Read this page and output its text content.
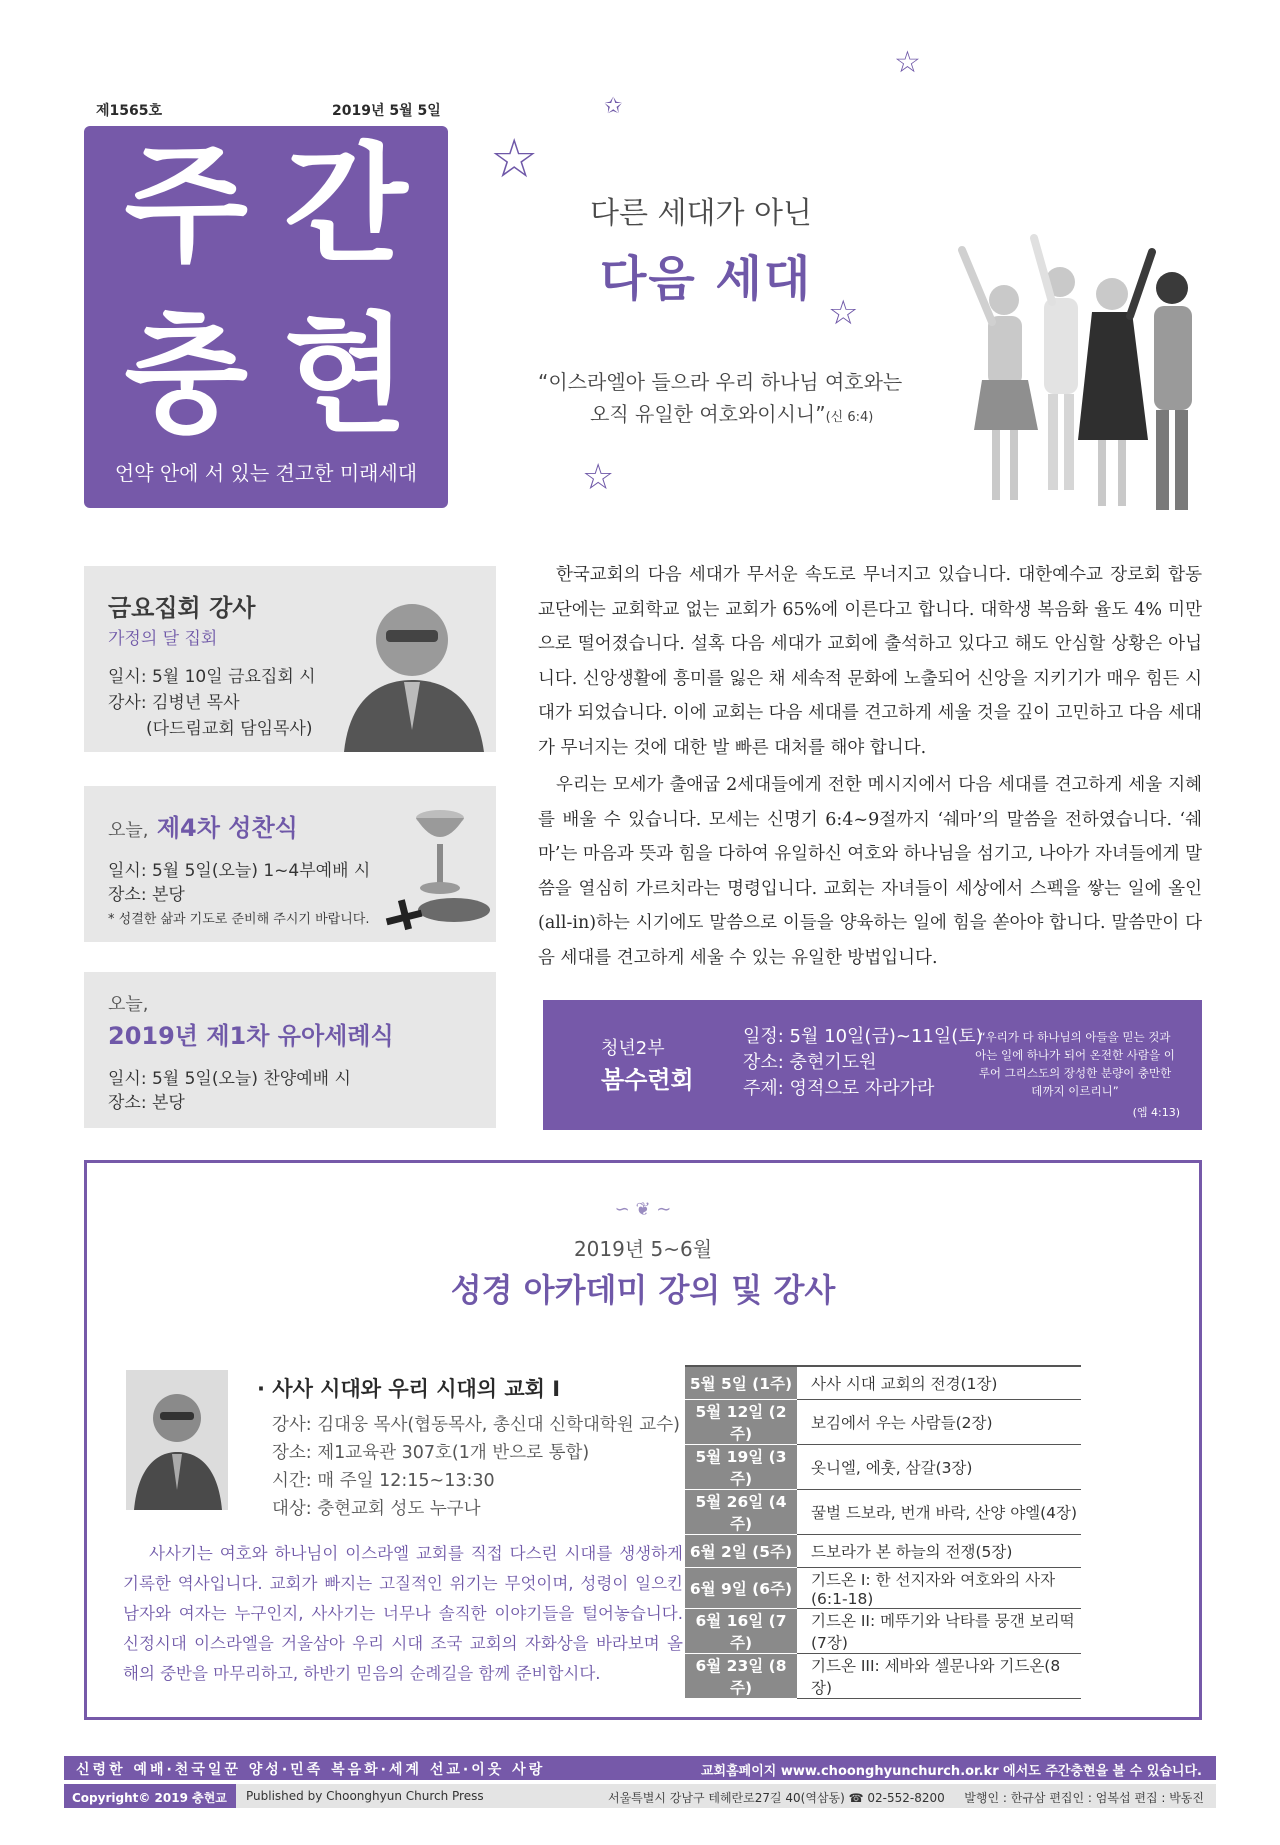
제1565호	2019년 5월 5일
주간
충현
언약 안에 서 있는 견고한 미래세대
✩
☆
☆
☆
☆
다른 세대가 아닌
다음 세대
“이스라엘아 들으라 우리 하나님 여호와는
오직 유일한 여호와이시니”(신 6:4)
금요집회 강사
가정의 달 집회
일시: 5월 10일 금요집회 시
강사: 김병년 목사
(다드림교회 담임목사)
오늘, 제4차 성찬식
일시: 5월 5일(오늘) 1~4부예배 시
장소: 본당
* 성결한 삶과 기도로 준비해 주시기 바랍니다.
오늘,
2019년 제1차 유아세례식
일시: 5월 5일(오늘) 찬양예배 시
장소: 본당
한국교회의 다음 세대가 무서운 속도로 무너지고 있습니다. 대한예수교 장로회 합동교단에는 교회학교 없는 교회가 65%에 이른다고 합니다. 대학생 복음화 율도 4% 미만으로 떨어졌습니다. 설혹 다음 세대가 교회에 출석하고 있다고 해도 안심할 상황은 아닙니다. 신앙생활에 흥미를 잃은 채 세속적 문화에 노출되어 신앙을 지키기가 매우 힘든 시대가 되었습니다. 이에 교회는 다음 세대를 견고하게 세울 것을 깊이 고민하고 다음 세대가 무너지는 것에 대한 발 빠른 대처를 해야 합니다.
우리는 모세가 출애굽 2세대들에게 전한 메시지에서 다음 세대를 견고하게 세울 지혜를 배울 수 있습니다. 모세는 신명기 6:4~9절까지 ‘쉐마’의 말씀을 전하였습니다. ‘쉐마’는 마음과 뜻과 힘을 다하여 유일하신 여호와 하나님을 섬기고, 나아가 자녀들에게 말씀을 열심히 가르치라는 명령입니다. 교회는 자녀들이 세상에서 스펙을 쌓는 일에 올인(all-in)하는 시기에도 말씀으로 이들을 양육하는 일에 힘을 쏟아야 합니다. 말씀만이 다음 세대를 견고하게 세울 수 있는 유일한 방법입니다.
청년2부
봄수련회
일정: 5월 10일(금)~11일(토)
장소: 충현기도원
주제: 영적으로 자라가라
“우리가 다 하나님의 아들을 믿는 것과 아는 일에 하나가 되어 온전한 사람을 이루어 그리스도의 장성한 분량이 충만한 데까지 이르리니”
(엡 4:13)
∽ ❦ ∼
2019년 5~6월
성경 아카데미 강의 및 강사
· 사사 시대와 우리 시대의 교회 I
강사: 김대웅 목사(협동목사, 총신대 신학대학원 교수)
장소: 제1교육관 307호(1개 반으로 통합)
시간: 매 주일 12:15~13:30
대상: 충현교회 성도 누구나
사사기는 여호와 하나님이 이스라엘 교회를 직접 다스린 시대를 생생하게 기록한 역사입니다. 교회가 빠지는 고질적인 위기는 무엇이며, 성령이 일으킨 남자와 여자는 누구인지, 사사기는 너무나 솔직한 이야기들을 털어놓습니다. 신정시대 이스라엘을 거울삼아 우리 시대 조국 교회의 자화상을 바라보며 올 해의 중반을 마무리하고, 하반기 믿음의 순례길을 함께 준비합시다.
5월 5일 (1주)	사사 시대 교회의 전경(1장)
5월 12일 (2주)	보김에서 우는 사람들(2장)
5월 19일 (3주)	옷니엘, 에훗, 삼갈(3장)
5월 26일 (4주)	꿀벌 드보라, 번개 바락, 산양 야엘(4장)
6월 2일 (5주)	드보라가 본 하늘의 전쟁(5장)
6월 9일 (6주)	기드온 I: 한 선지자와 여호와의 사자(6:1-18)
6월 16일 (7주)	기드온 II: 메뚜기와 낙타를 뭉갠 보리떡(7장)
6월 23일 (8주)	기드온 III: 세바와 셀문나와 기드온(8장)
신령한 예배·천국일꾼 양성·민족 복음화·세계 선교·이웃 사랑	교회홈페이지 www.choonghyunchurch.or.kr 에서도 주간충현을 볼 수 있습니다.
Copyright© 2019 충현교회
Published by Choonghyun Church Press	서울특별시 강남구 테헤란로27길 40(역삼동) ☎ 02-552-8200 발행인 : 한규삼 편집인 : 엄복섭 편집 : 박동진
